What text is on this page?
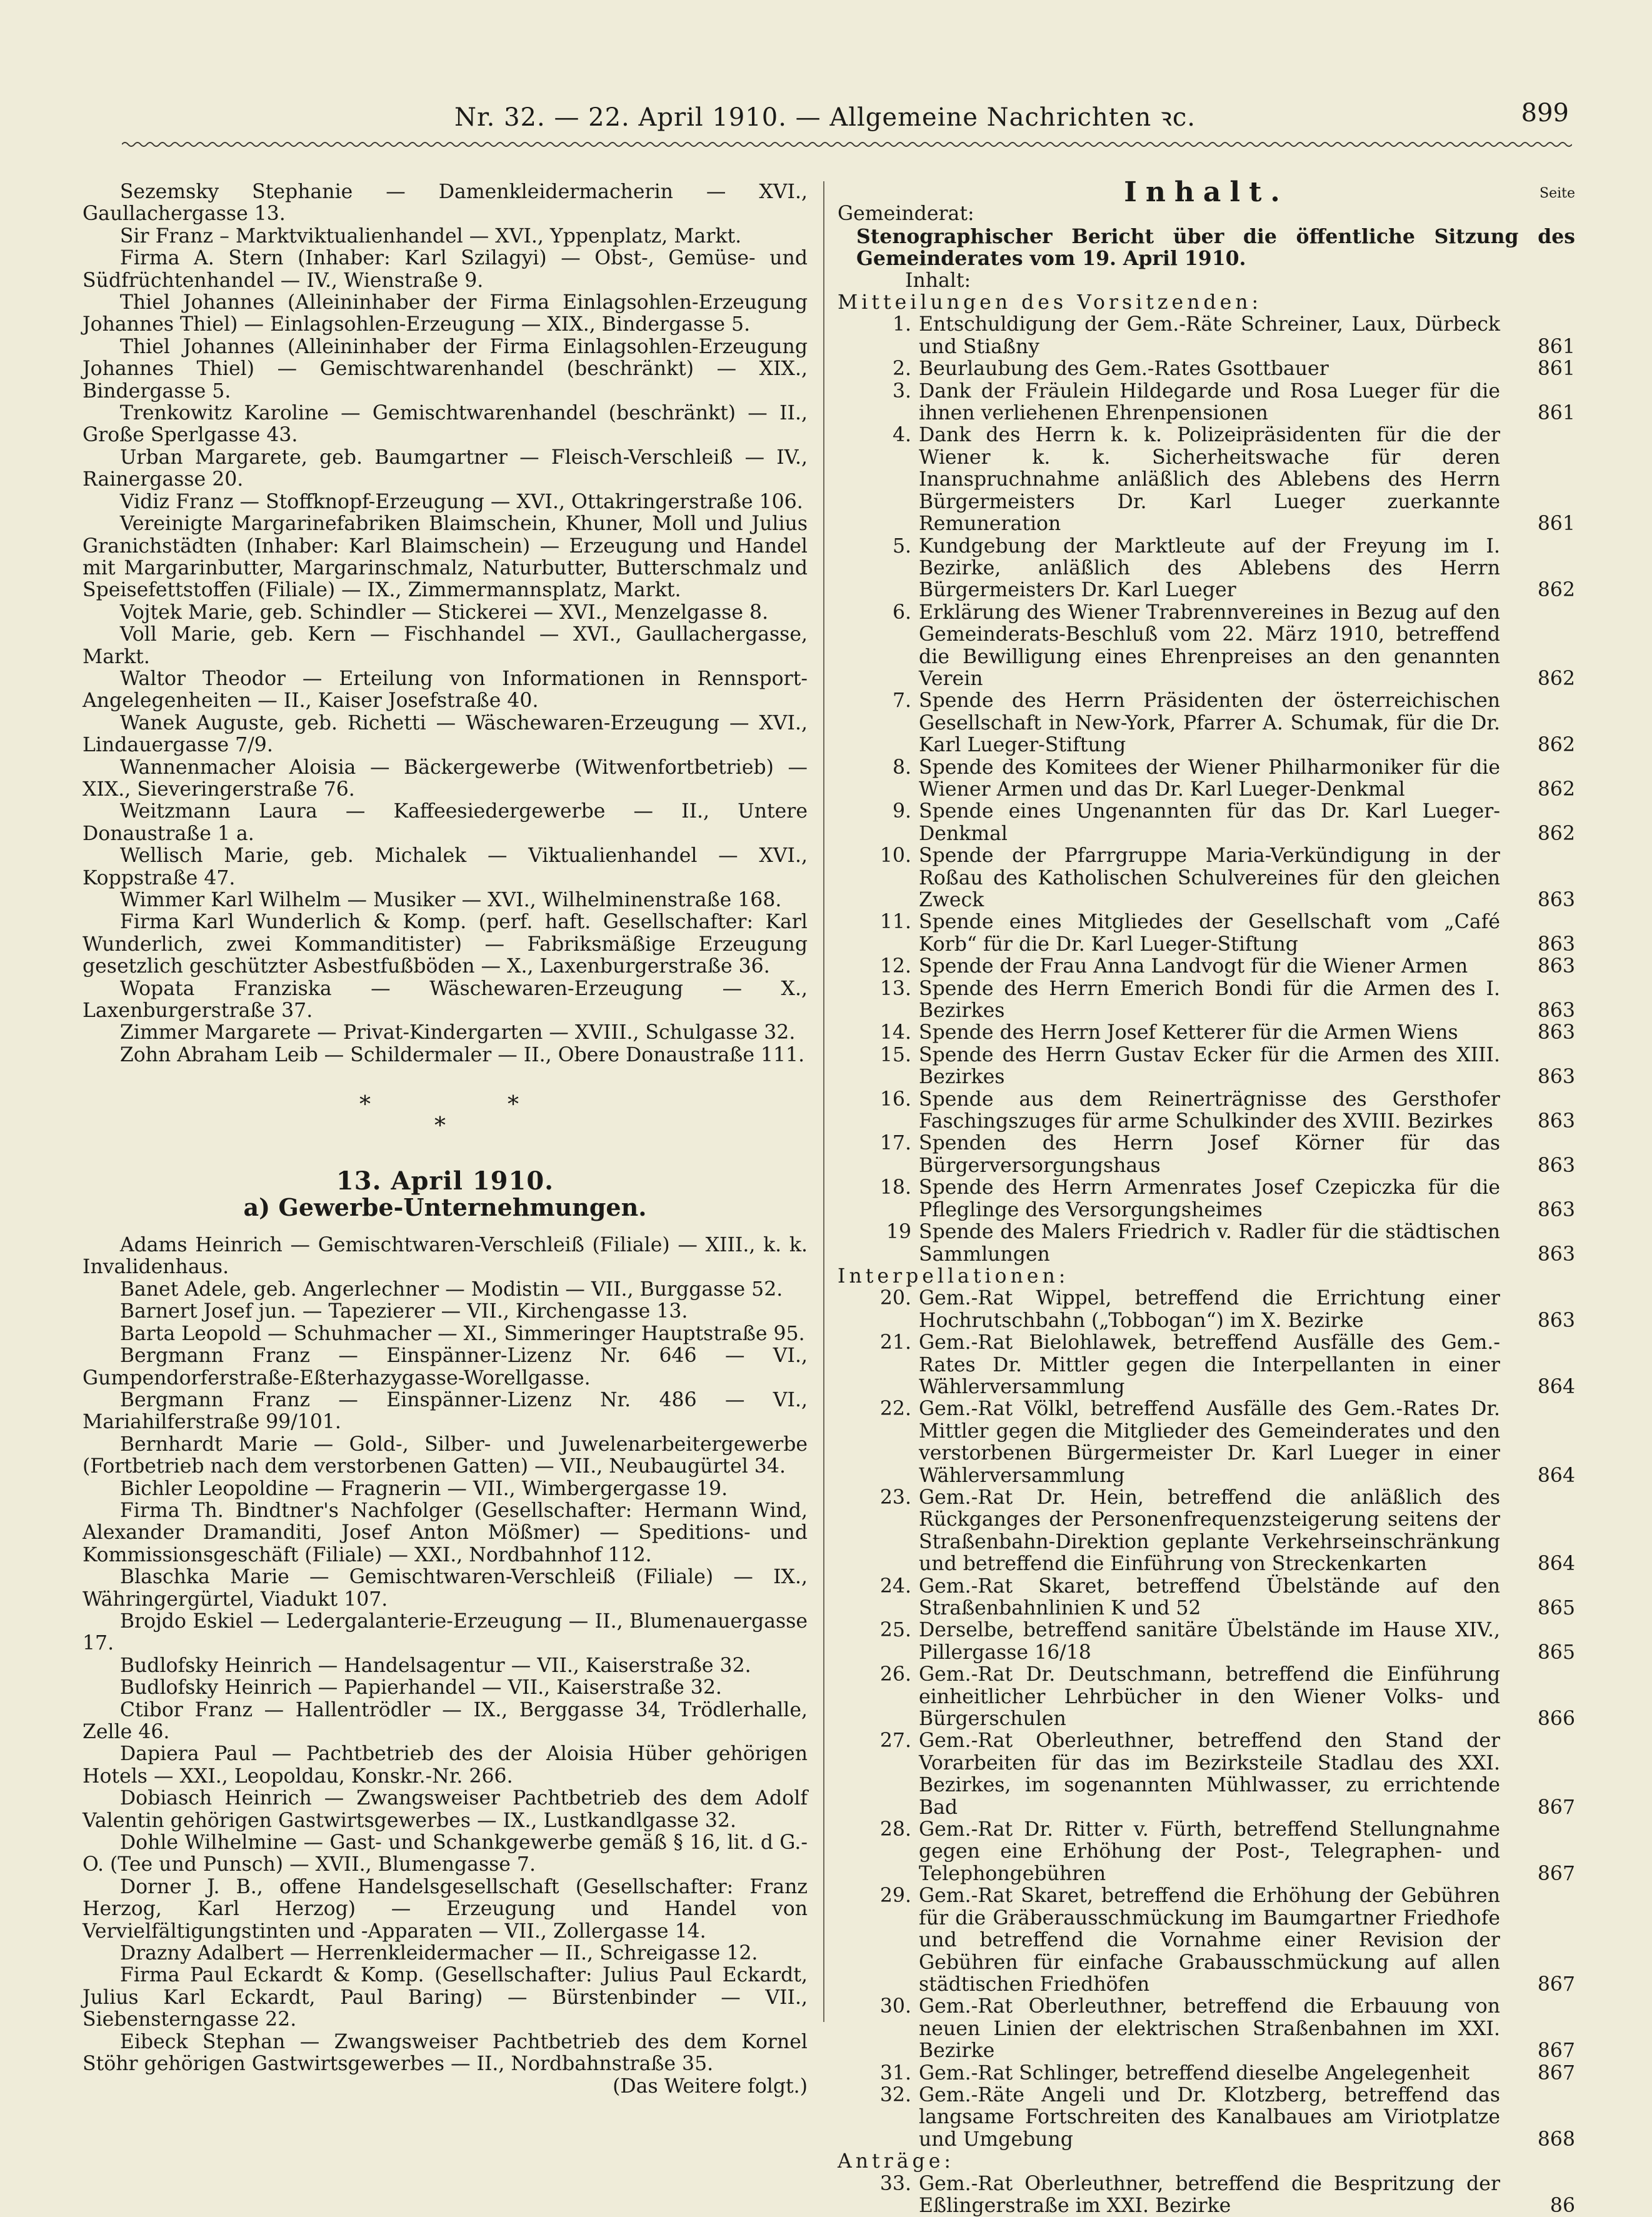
Nr. 32. — 22. April 1910. — Allgemeine Nachrichten ꝛc.	899

Sezemsky Stephanie — Damenkleidermacherin — XVI., Gaullachergasse 13.

Sir Franz – Marktviktualienhandel — XVI., Yppenplatz, Markt.

Firma A. Stern (Inhaber: Karl Szilagyi) — Obst-, Gemüse- und Südfrüchtenhandel — IV., Wienstraße 9.

Thiel Johannes (Alleininhaber der Firma Einlagsohlen-Erzeugung Johannes Thiel) — Einlagsohlen-Erzeugung — XIX., Bindergasse 5.

Thiel Johannes (Alleininhaber der Firma Einlagsohlen-Erzeugung Johannes Thiel) — Gemischtwarenhandel (beschränkt) — XIX., Bindergasse 5.

Trenkowitz Karoline — Gemischtwarenhandel (beschränkt) — II., Große Sperlgasse 43.

Urban Margarete, geb. Baumgartner — Fleisch-Verschleiß — IV., Rainergasse 20.

Vidiz Franz — Stoffknopf-Erzeugung — XVI., Ottakringerstraße 106.

Vereinigte Margarinefabriken Blaimschein, Khuner, Moll und Julius Granichstädten (Inhaber: Karl Blaimschein) — Erzeugung und Handel mit Margarinbutter, Margarinschmalz, Naturbutter, Butterschmalz und Speisefettstoffen (Filiale) — IX., Zimmermannsplatz, Markt.

Vojtek Marie, geb. Schindler — Stickerei — XVI., Menzelgasse 8.

Voll Marie, geb. Kern — Fischhandel — XVI., Gaullachergasse, Markt.

Waltor Theodor — Erteilung von Informationen in Rennsport-Angelegenheiten — II., Kaiser Josefstraße 40.

Wanek Auguste, geb. Richetti — Wäschewaren-Erzeugung — XVI., Lindauergasse 7/9.

Wannenmacher Aloisia — Bäckergewerbe (Witwenfortbetrieb) — XIX., Sieveringerstraße 76.

Weitzmann Laura — Kaffeesiedergewerbe — II., Untere Donaustraße 1 a.

Wellisch Marie, geb. Michalek — Viktualienhandel — XVI., Koppstraße 47.

Wimmer Karl Wilhelm — Musiker — XVI., Wilhelminenstraße 168.

Firma Karl Wunderlich & Komp. (perf. haft. Gesellschafter: Karl Wunderlich, zwei Kommanditister) — Fabriksmäßige Erzeugung gesetzlich geschützter Asbestfußböden — X., Laxenburgerstraße 36.

Wopata Franziska — Wäschewaren-Erzeugung — X., Laxenburgerstraße 37.

Zimmer Margarete — Privat-Kindergarten — XVIII., Schulgasse 32.

Zohn Abraham Leib — Schildermaler — II., Obere Donaustraße 111.

*	*
*

13. April 1910.

a) Gewerbe-Unternehmungen.

Adams Heinrich — Gemischtwaren-Verschleiß (Filiale) — XIII., k. k. Invalidenhaus.

Banet Adele, geb. Angerlechner — Modistin — VII., Burggasse 52.

Barnert Josef jun. — Tapezierer — VII., Kirchengasse 13.

Barta Leopold — Schuhmacher — XI., Simmeringer Hauptstraße 95.

Bergmann Franz — Einspänner-Lizenz Nr. 646 — VI., Gumpendorferstraße-Eßterhazygasse-Worellgasse.

Bergmann Franz — Einspänner-Lizenz Nr. 486 — VI., Mariahilferstraße 99/101.

Bernhardt Marie — Gold-, Silber- und Juwelenarbeitergewerbe (Fortbetrieb nach dem verstorbenen Gatten) — VII., Neubaugürtel 34.

Bichler Leopoldine — Fragnerin — VII., Wimbergergasse 19.

Firma Th. Bindtner's Nachfolger (Gesellschafter: Hermann Wind, Alexander Dramanditi, Josef Anton Mößmer) — Speditions- und Kommissionsgeschäft (Filiale) — XXI., Nordbahnhof 112.

Blaschka Marie — Gemischtwaren-Verschleiß (Filiale) — IX., Währingergürtel, Viadukt 107.

Brojdo Eskiel — Ledergalanterie-Erzeugung — II., Blumenauergasse 17.

Budlofsky Heinrich — Handelsagentur — VII., Kaiserstraße 32.

Budlofsky Heinrich — Papierhandel — VII., Kaiserstraße 32.

Ctibor Franz — Hallentrödler — IX., Berggasse 34, Trödlerhalle, Zelle 46.

Dapiera Paul — Pachtbetrieb des der Aloisia Hüber gehörigen Hotels — XXI., Leopoldau, Konskr.-Nr. 266.

Dobiasch Heinrich — Zwangsweiser Pachtbetrieb des dem Adolf Valentin gehörigen Gastwirtsgewerbes — IX., Lustkandlgasse 32.

Dohle Wilhelmine — Gast- und Schankgewerbe gemäß § 16, lit. d G.-O. (Tee und Punsch) — XVII., Blumengasse 7.

Dorner J. B., offene Handelsgesellschaft (Gesellschafter: Franz Herzog, Karl Herzog) — Erzeugung und Handel von Vervielfältigungstinten und -Apparaten — VII., Zollergasse 14.

Drazny Adalbert — Herrenkleidermacher — II., Schreigasse 12.

Firma Paul Eckardt & Komp. (Gesellschafter: Julius Paul Eckardt, Julius Karl Eckardt, Paul Baring) — Bürstenbinder — VII., Siebensterngasse 22.

Eibeck Stephan — Zwangsweiser Pachtbetrieb des dem Kornel Stöhr gehörigen Gastwirtsgewerbes — II., Nordbahnstraße 35.

(Das Weitere folgt.)

Inhalt.	Seite

Gemeinderat:

Stenographischer Bericht über die öffentliche Sitzung des Gemeinderates vom 19. April 1910.

Inhalt:

Mitteilungen des Vorsitzenden:

1. Entschuldigung der Gem.-Räte Schreiner, Laux, Dürbeck und Stiaßny	861
2. Beurlaubung des Gem.-Rates Gsottbauer	861
3. Dank der Fräulein Hildegarde und Rosa Lueger für die ihnen verliehenen Ehrenpensionen	861
4. Dank des Herrn k. k. Polizeipräsidenten für die der Wiener k. k. Sicherheitswache für deren Inanspruchnahme anläßlich des Ablebens des Herrn Bürgermeisters Dr. Karl Lueger zuerkannte Remuneration	861
5. Kundgebung der Marktleute auf der Freyung im I. Bezirke, anläßlich des Ablebens des Herrn Bürgermeisters Dr. Karl Lueger	862
6. Erklärung des Wiener Trabrennvereines in Bezug auf den Gemeinderats-Beschluß vom 22. März 1910, betreffend die Bewilligung eines Ehrenpreises an den genannten Verein	862
7. Spende des Herrn Präsidenten der österreichischen Gesellschaft in New-York, Pfarrer A. Schumak, für die Dr. Karl Lueger-Stiftung	862
8. Spende des Komitees der Wiener Philharmoniker für die Wiener Armen und das Dr. Karl Lueger-Denkmal	862
9. Spende eines Ungenannten für das Dr. Karl Lueger-Denkmal	862
10. Spende der Pfarrgruppe Maria-Verkündigung in der Roßau des Katholischen Schulvereines für den gleichen Zweck	863
11. Spende eines Mitgliedes der Gesellschaft vom „Café Korb“ für die Dr. Karl Lueger-Stiftung	863
12. Spende der Frau Anna Landvogt für die Wiener Armen	863
13. Spende des Herrn Emerich Bondi für die Armen des I. Bezirkes	863
14. Spende des Herrn Josef Ketterer für die Armen Wiens	863
15. Spende des Herrn Gustav Ecker für die Armen des XIII. Bezirkes	863
16. Spende aus dem Reinerträgnisse des Gersthofer Faschingszuges für arme Schulkinder des XVIII. Bezirkes	863
17. Spenden des Herrn Josef Körner für das Bürgerversorgungshaus	863
18. Spende des Herrn Armenrates Josef Czepiczka für die Pfleglinge des Versorgungsheimes	863
19 Spende des Malers Friedrich v. Radler für die städtischen Sammlungen	863

Interpellationen:

20. Gem.-Rat Wippel, betreffend die Errichtung einer Hochrutschbahn („Tobbogan“) im X. Bezirke	863
21. Gem.-Rat Bielohlawek, betreffend Ausfälle des Gem.-Rates Dr. Mittler gegen die Interpellanten in einer Wählerversammlung	864
22. Gem.-Rat Völkl, betreffend Ausfälle des Gem.-Rates Dr. Mittler gegen die Mitglieder des Gemeinderates und den verstorbenen Bürgermeister Dr. Karl Lueger in einer Wählerversammlung	864
23. Gem.-Rat Dr. Hein, betreffend die anläßlich des Rückganges der Personenfrequenzsteigerung seitens der Straßenbahn-Direktion geplante Verkehrseinschränkung und betreffend die Einführung von Streckenkarten	864
24. Gem.-Rat Skaret, betreffend Übelstände auf den Straßenbahnlinien K und 52	865
25. Derselbe, betreffend sanitäre Übelstände im Hause XIV., Pillergasse 16/18	865
26. Gem.-Rat Dr. Deutschmann, betreffend die Einführung einheitlicher Lehrbücher in den Wiener Volks- und Bürgerschulen	866
27. Gem.-Rat Oberleuthner, betreffend den Stand der Vorarbeiten für das im Bezirksteile Stadlau des XXI. Bezirkes, im sogenannten Mühlwasser, zu errichtende Bad	867
28. Gem.-Rat Dr. Ritter v. Fürth, betreffend Stellungnahme gegen eine Erhöhung der Post-, Telegraphen- und Telephongebühren	867
29. Gem.-Rat Skaret, betreffend die Erhöhung der Gebühren für die Gräberausschmückung im Baumgartner Friedhofe und betreffend die Vornahme einer Revision der Gebühren für einfache Grabausschmückung auf allen städtischen Friedhöfen	867
30. Gem.-Rat Oberleuthner, betreffend die Erbauung von neuen Linien der elektrischen Straßenbahnen im XXI. Bezirke	867
31. Gem.-Rat Schlinger, betreffend dieselbe Angelegenheit	867
32. Gem.-Räte Angeli und Dr. Klotzberg, betreffend das langsame Fortschreiten des Kanalbaues am Viriotplatze und Umgebung	868

Anträge:

33. Gem.-Rat Oberleuthner, betreffend die Bespritzung der Eßlingerstraße im XXI. Bezirke	86
